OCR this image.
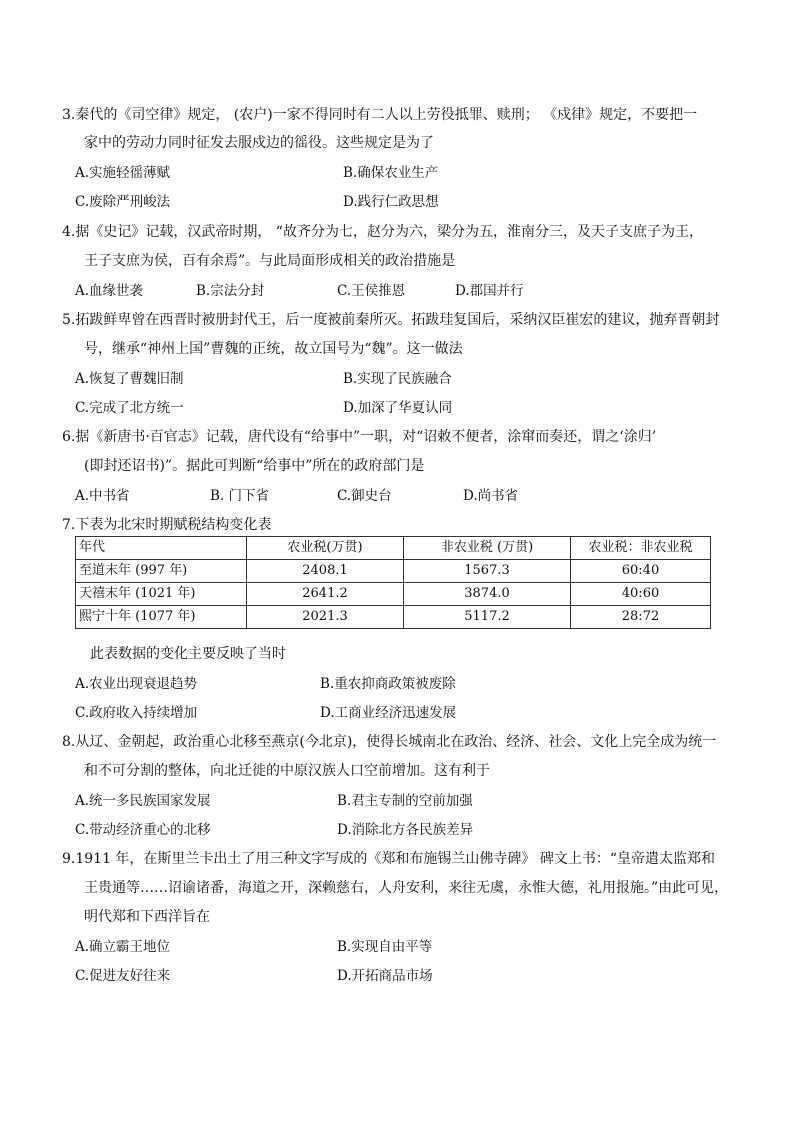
3.秦代的《司空律》规定， (农户)一家不得同时有二人以上劳役抵罪、赎刑； 《戍律》规定，不要把一
家中的劳动力同时征发去服戍边的徭役。这些规定是为了
A.实施轻徭薄赋	B.确保农业生产
C.废除严刑峻法	D.践行仁政思想
4.据《史记》记载，汉武帝时期， “故齐分为七，赵分为六，梁分为五，淮南分三，及天子支庶子为王，
王子支庶为侯，百有余焉”。与此局面形成相关的政治措施是
A.血缘世袭	B.宗法分封	C.王侯推恩	D.郡国并行
5.拓跋鲜卑曾在西晋时被册封代王，后一度被前秦所灭。拓跋珪复国后，采纳汉臣崔宏的建议，抛弃晋朝封
号，继承“神州上国”曹魏的正统，故立国号为“魏”。这一做法
A.恢复了曹魏旧制	B.实现了民族融合
C.完成了北方统一	D.加深了华夏认同
6.据《新唐书·百官志》记载，唐代设有“给事中”一职，对“诏敕不便者，涂窜而奏还，谓之‘涂归’
(即封还诏书)”。据此可判断“给事中”所在的政府部门是
A.中书省	B. 门下省	C.御史台	D.尚书省
7.下表为北宋时期赋税结构变化表
年代	农业税(万贯)	非农业税 (万贯)	农业税：非农业税
至道末年 (997 年)	2408.1	1567.3	60:40
天禧末年 (1021 年)	2641.2	3874.0	40:60
熙宁十年 (1077 年)	2021.3	5117.2	28:72
此表数据的变化主要反映了当时
A.农业出现衰退趋势	B.重农抑商政策被废除
C.政府收入持续增加	D.工商业经济迅速发展
8.从辽、金朝起，政治重心北移至燕京(今北京)，使得长城南北在政治、经济、社会、文化上完全成为统一
和不可分割的整体，向北迁徙的中原汉族人口空前增加。这有利于
A.统一多民族国家发展	B.君主专制的空前加强
C.带动经济重心的北移	D.消除北方各民族差异
9.1911 年，在斯里兰卡出土了用三种文字写成的《郑和布施锡兰山佛寺碑》 碑文上书：“皇帝遣太监郑和
王贵通等……诏谕诸番，海道之开，深赖慈右，人舟安利，来往无虞，永惟大德，礼用报施。”由此可见，
明代郑和下西洋旨在
A.确立霸王地位	B.实现自由平等
C.促进友好往来	D.开拓商品市场
